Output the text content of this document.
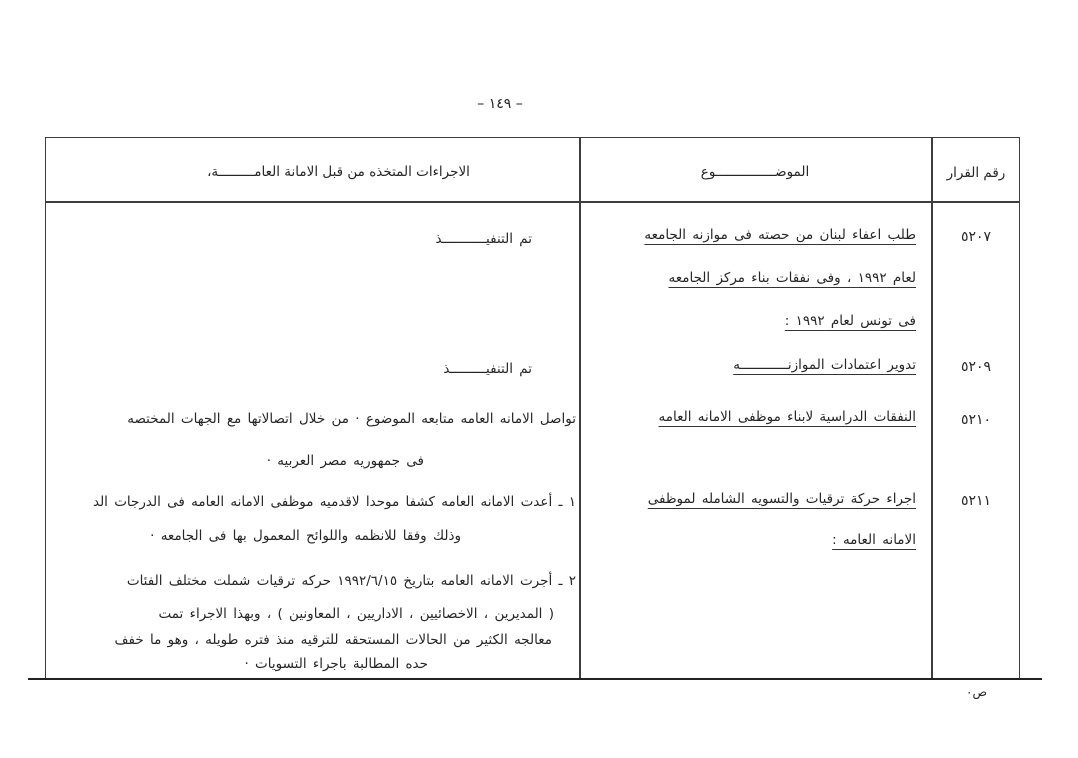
– ١٤٩ –
رقم القرار
الموضـــــــــــــــوع
الاجراءات المتخذه من قبل الامانة العامـــــــــة،
٥٢٠٧
طلب اعفاء لبنان من حصته فى موازنه الجامعه
لعام ١٩٩٢ ، وفى نفقات بناء مركز الجامعه
فى تونس لعام ١٩٩٢ :
تم التنفيـــــــــــذ
٥٢٠٩
تدوير اعتمادات الموازنــــــــــــه
تم التنفيـــــــــذ
٥٢١٠
النفقات الدراسية لابناء موظفى الامانه العامه
تواصل الامانه العامه متابعه الموضوع · من خلال اتصالاتها مع الجهات المختصه
فى جمهوريه مصر العربيه ·
٥٢١١
اجراء حركة ترقيات والتسويه الشامله لموظفى
الامانه العامه :
١ ـ أعدت الامانه العامه كشفا موحدا لاقدميه موظفى الامانه العامه فى الدرجات الد
وذلك وفقا للانظمه واللوائح المعمول بها فى الجامعه ·
٢ ـ أجرت الامانه العامه بتاريخ ١٩٩٢/٦/١٥ حركه ترقيات شملت مختلف الفئات
( المديرين ، الاخصائيين ، الاداريين ، المعاونين ) ، وبهذا الاجراء تمت
معالجه الكثير من الحالات المستحقه للترقيه منذ فتره طويله ، وهو ما خفف
حده المطالبة باجراء التسويات ·
ص٠
